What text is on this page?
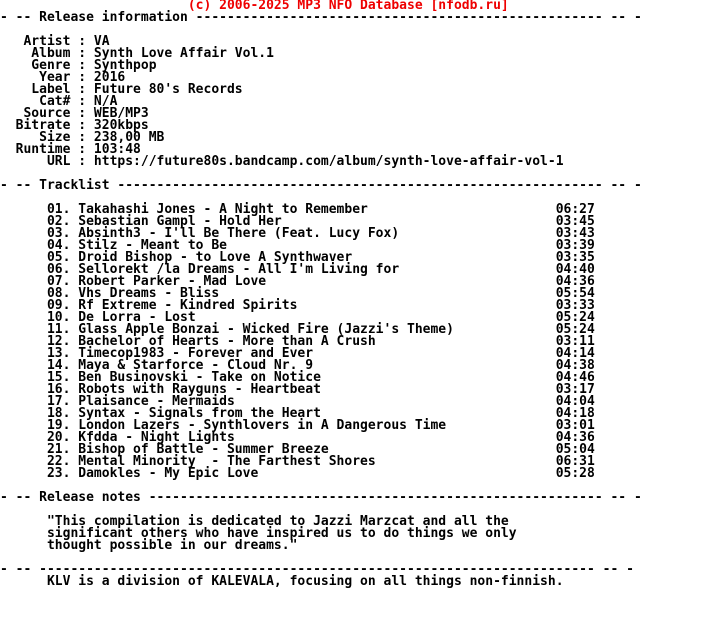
(c) 2006-2025 MP3 NFO Database [nfodb.ru]
- -- Release information ---------------------------------------------------- -- -
Artist : VA
Album : Synth Love Affair Vol.1
Genre : Synthpop
Year : 2016
Label : Future 80's Records
Cat# : N/A
Source : WEB/MP3
Bitrate : 320kbps
Size : 238,00 MB
Runtime : 103:48
URL : https://future80s.bandcamp.com/album/synth-love-affair-vol-1
- -- Tracklist -------------------------------------------------------------- -- -
01. Takahashi Jones - A Night to Remember                        06:27
02. Sebastian Gampl - Hold Her                                   03:45
03. Absinth3 - I'll Be There (Feat. Lucy Fox)                    03:43
04. Stilz - Meant to Be                                          03:39
05. Droid Bishop - to Love A Synthwaver                          03:35
06. Sellorekt /la Dreams - All I'm Living for                    04:40
07. Robert Parker - Mad Love                                     04:36
08. Vhs Dreams - Bliss                                           05:54
09. Rf Extreme - Kindred Spirits                                 03:33
10. De Lorra - Lost                                              05:24
11. Glass Apple Bonzai - Wicked Fire (Jazzi's Theme)             05:24
12. Bachelor of Hearts - More than A Crush                       03:11
13. Timecop1983 - Forever and Ever                               04:14
14. Maya & Starforce - Cloud Nr. 9                               04:38
15. Ben Businovski - Take on Notice                              04:46
16. Robots with Rayguns - Heartbeat                              03:17
17. Plaisance - Mermaids                                         04:04
18. Syntax - Signals from the Heart                              04:18
19. London Lazers - Synthlovers in A Dangerous Time              03:01
20. Kfdda - Night Lights                                         04:36
21. Bishop of Battle - Summer Breeze                             05:04
22. Mental Minority  - The Farthest Shores                       06:31
23. Damokles - My Epic Love                                      05:28
- -- Release notes ---------------------------------------------------------- -- -
"This compilation is dedicated to Jazzi Marzcat and all the
significant others who have inspired us to do things we only
thought possible in our dreams."
- -- ----------------------------------------------------------------------- -- -
KLV is a division of KALEVALA, focusing on all things non-finnish.
